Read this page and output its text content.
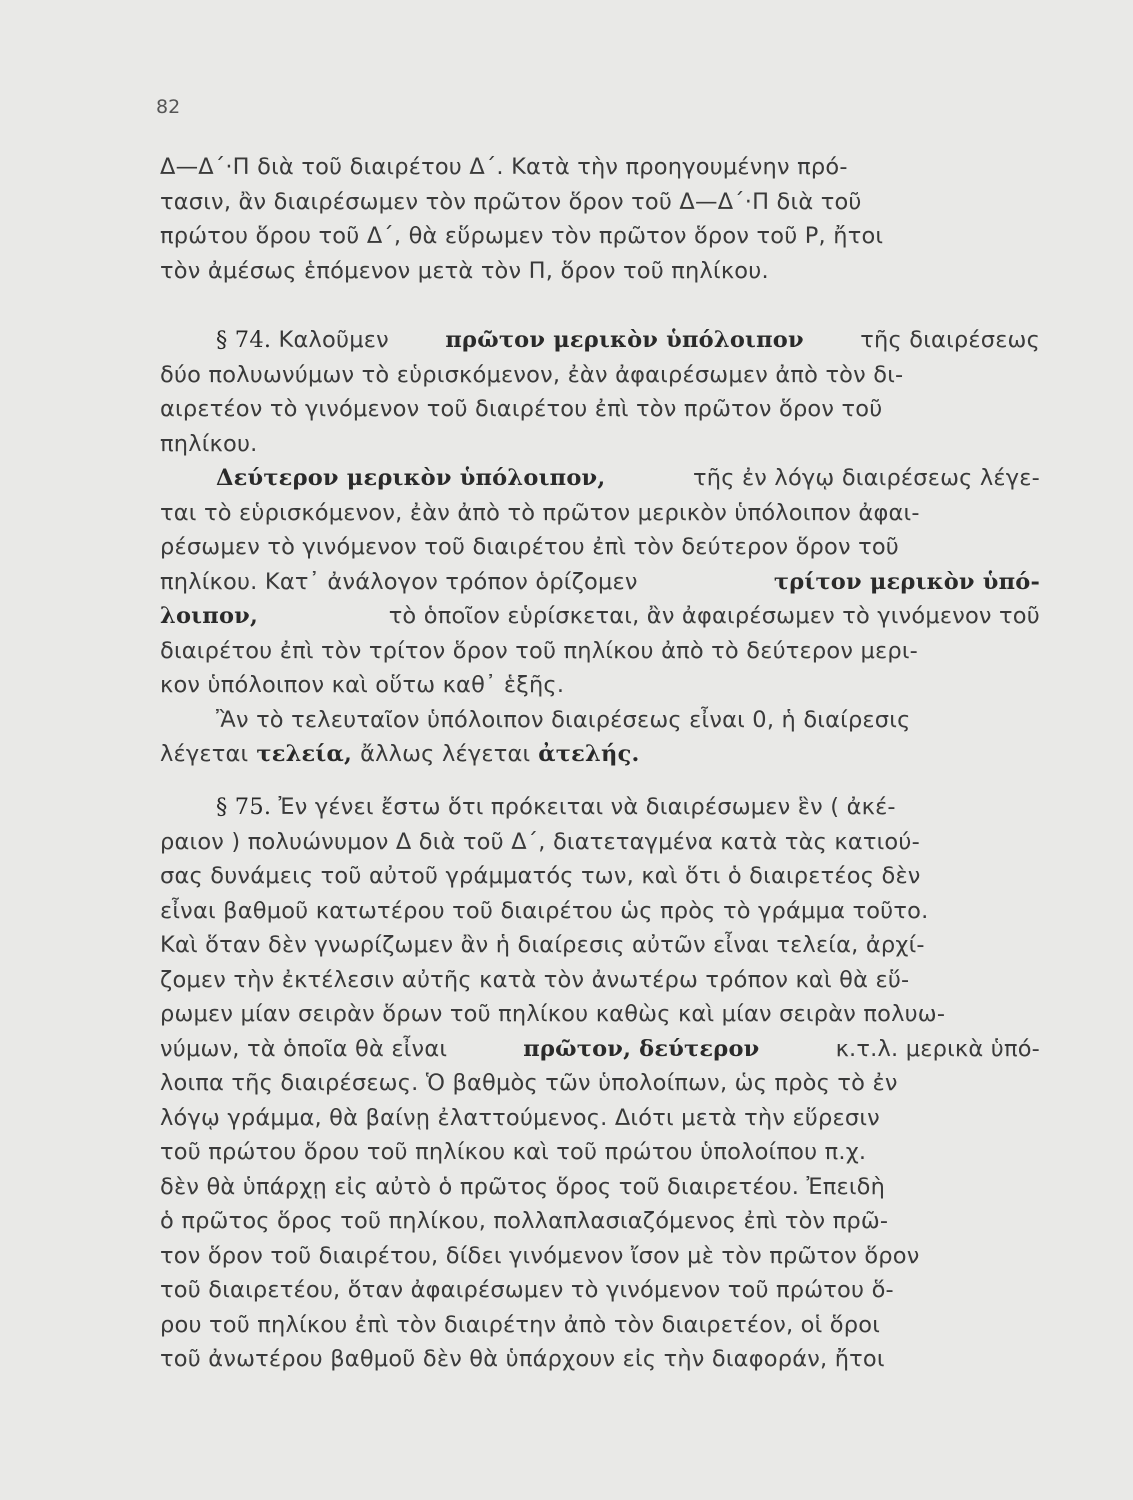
82
Δ—Δ΄·Π διὰ τοῦ διαιρέτου Δ΄. Κατὰ τὴν προηγουμένην πρό-
τασιν, ἂν διαιρέσωμεν τὸν πρῶτον ὅρον τοῦ Δ—Δ΄·Π διὰ τοῦ
πρώτου ὅρου τοῦ Δ΄, θὰ εὕρωμεν τὸν πρῶτον ὅρον τοῦ Ρ, ἤτοι
τὸν ἀμέσως ἑπόμενον μετὰ τὸν Π, ὅρον τοῦ πηλίκου.
§ 74. Καλοῦμεν	πρῶτον μερικὸν ὑπόλοιπον	τῆς διαιρέσεως
δύο πολυωνύμων τὸ εὑρισκόμενον, ἐὰν ἀφαιρέσωμεν ἀπὸ τὸν δι-
αιρετέον τὸ γινόμενον τοῦ διαιρέτου ἐπὶ τὸν πρῶτον ὅρον τοῦ
πηλίκου.
Δεύτερον μερικὸν ὑπόλοιπον,	τῆς ἐν λόγῳ διαιρέσεως λέγε-
ται τὸ εὑρισκόμενον, ἐὰν ἀπὸ τὸ πρῶτον μερικὸν ὑπόλοιπον ἀφαι-
ρέσωμεν τὸ γινόμενον τοῦ διαιρέτου ἐπὶ τὸν δεύτερον ὅρον τοῦ
πηλίκου. Κατ᾽ ἀνάλογον τρόπον ὁρίζομεν	τρίτον μερικὸν ὑπό-
λοιπον,	τὸ ὁποῖον εὑρίσκεται, ἂν ἀφαιρέσωμεν τὸ γινόμενον τοῦ
διαιρέτου ἐπὶ τὸν τρίτον ὅρον τοῦ πηλίκου ἀπὸ τὸ δεύτερον μερι-
κον ὑπόλοιπον καὶ οὕτω καθ᾽ ἑξῆς.
Ἂν τὸ τελευταῖον ὑπόλοιπον διαιρέσεως εἶναι 0, ἡ διαίρεσις
λέγεται τελεία, ἄλλως λέγεται ἀτελής.
§ 75. Ἐν γένει ἔστω ὅτι πρόκειται νὰ διαιρέσωμεν ἓν ( ἀκέ-
ραιον ) πολυώνυμον Δ διὰ τοῦ Δ΄, διατεταγμένα κατὰ τὰς κατιού-
σας δυνάμεις τοῦ αὐτοῦ γράμματός των, καὶ ὅτι ὁ διαιρετέος δὲν
εἶναι βαθμοῦ κατωτέρου τοῦ διαιρέτου ὡς πρὸς τὸ γράμμα τοῦτο.
Καὶ ὅταν δὲν γνωρίζωμεν ἂν ἡ διαίρεσις αὐτῶν εἶναι τελεία, ἀρχί-
ζομεν τὴν ἐκτέλεσιν αὐτῆς κατὰ τὸν ἀνωτέρω τρόπον καὶ θὰ εὕ-
ρωμεν μίαν σειρὰν ὅρων τοῦ πηλίκου καθὼς καὶ μίαν σειρὰν πολυω-
νύμων, τὰ ὁποῖα θὰ εἶναι	πρῶτον, δεύτερον	κ.τ.λ. μερικὰ ὑπό-
λοιπα τῆς διαιρέσεως. Ὁ βαθμὸς τῶν ὑπολοίπων, ὡς πρὸς τὸ ἐν
λόγῳ γράμμα, θὰ βαίνῃ ἐλαττούμενος. Διότι μετὰ τὴν εὕρεσιν
τοῦ πρώτου ὅρου τοῦ πηλίκου καὶ τοῦ πρώτου ὑπολοίπου π.χ.
δὲν θὰ ὑπάρχῃ εἰς αὐτὸ ὁ πρῶτος ὅρος τοῦ διαιρετέου. Ἐπειδὴ
ὁ πρῶτος ὅρος τοῦ πηλίκου, πολλαπλασιαζόμενος ἐπὶ τὸν πρῶ-
τον ὅρον τοῦ διαιρέτου, δίδει γινόμενον ἴσον μὲ τὸν πρῶτον ὅρον
τοῦ διαιρετέου, ὅταν ἀφαιρέσωμεν τὸ γινόμενον τοῦ πρώτου ὅ-
ρου τοῦ πηλίκου ἐπὶ τὸν διαιρέτην ἀπὸ τὸν διαιρετέον, οἱ ὅροι
τοῦ ἀνωτέρου βαθμοῦ δὲν θὰ ὑπάρχουν εἰς τὴν διαφοράν, ἤτοι
